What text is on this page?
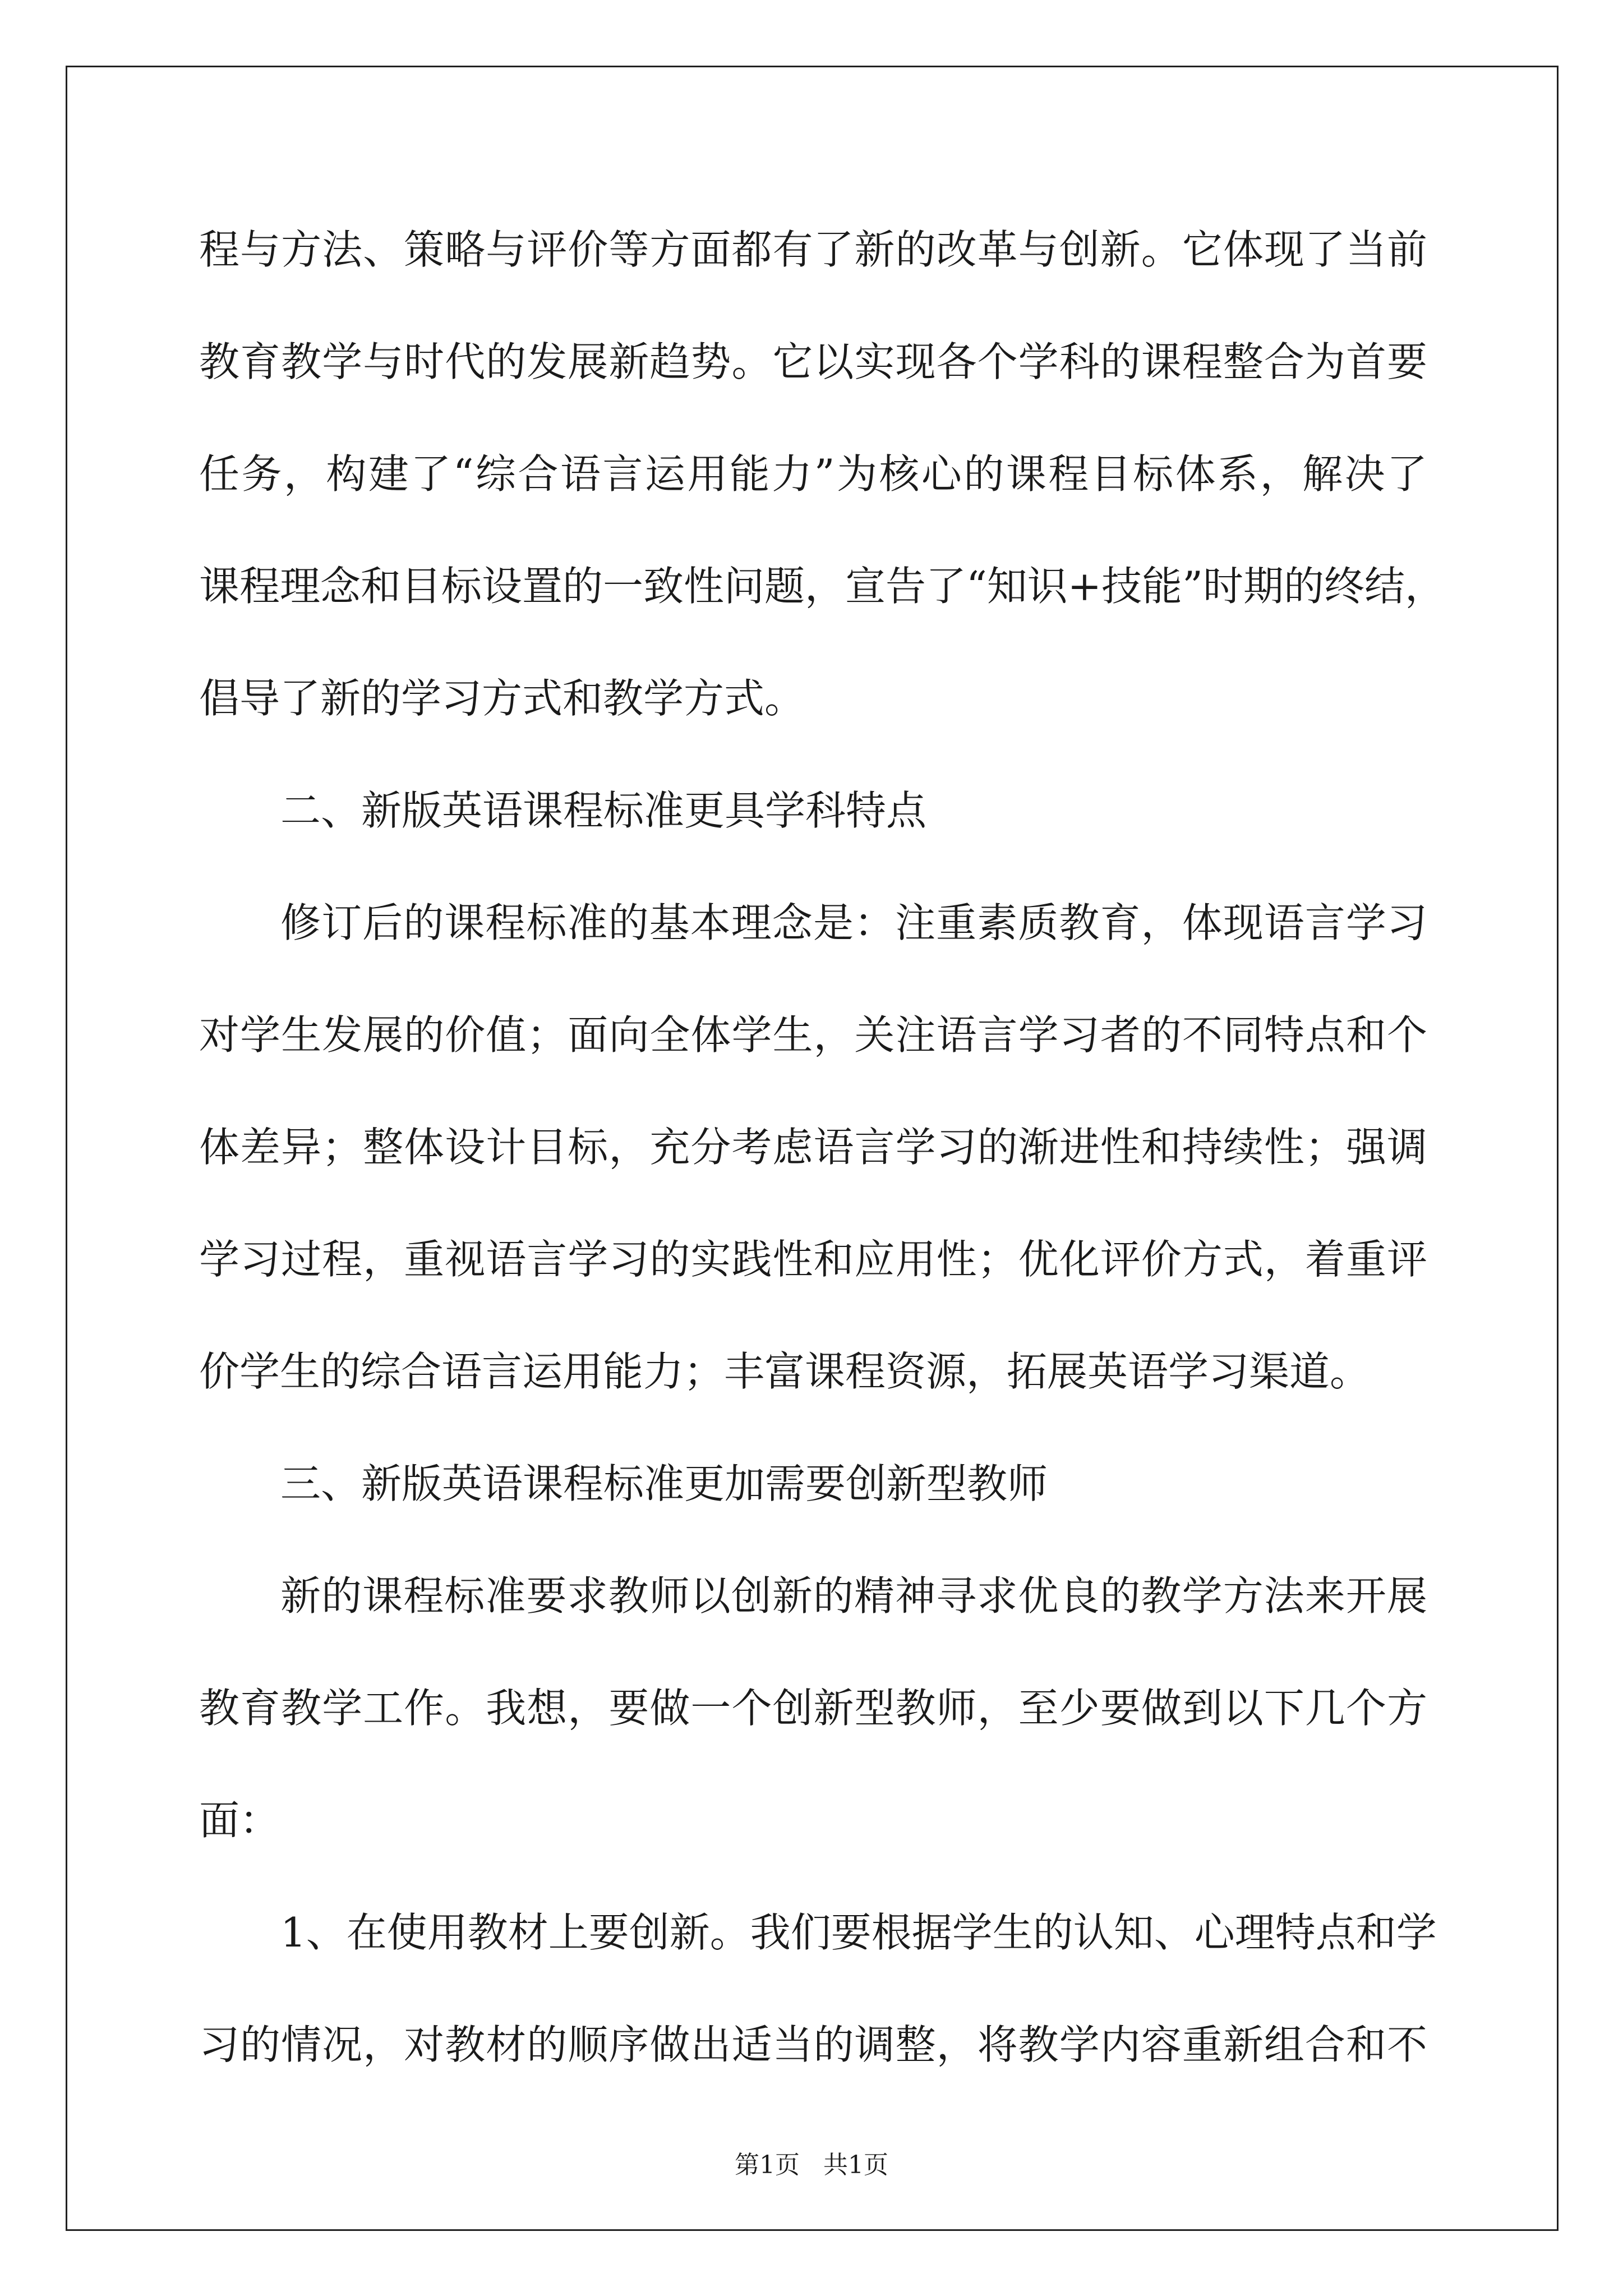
程与方法、策略与评价等方面都有了新的改革与创新。它体现了当前
教育教学与时代的发展新趋势。它以实现各个学科的课程整合为首要
任务，构建了“综合语言运用能力”为核心的课程目标体系，解决了
课程理念和目标设置的一致性问题，宣告了“知识+技能”时期的终结，
倡导了新的学习方式和教学方式。
二、新版英语课程标准更具学科特点
修订后的课程标准的基本理念是：注重素质教育，体现语言学习
对学生发展的价值；面向全体学生，关注语言学习者的不同特点和个
体差异；整体设计目标，充分考虑语言学习的渐进性和持续性；强调
学习过程，重视语言学习的实践性和应用性；优化评价方式，着重评
价学生的综合语言运用能力；丰富课程资源，拓展英语学习渠道。
三、新版英语课程标准更加需要创新型教师
新的课程标准要求教师以创新的精神寻求优良的教学方法来开展
教育教学工作。我想，要做一个创新型教师，至少要做到以下几个方
面：
1、在使用教材上要创新。我们要根据学生的认知、心理特点和学
习的情况，对教材的顺序做出适当的调整，将教学内容重新组合和不
第1页 共1页
